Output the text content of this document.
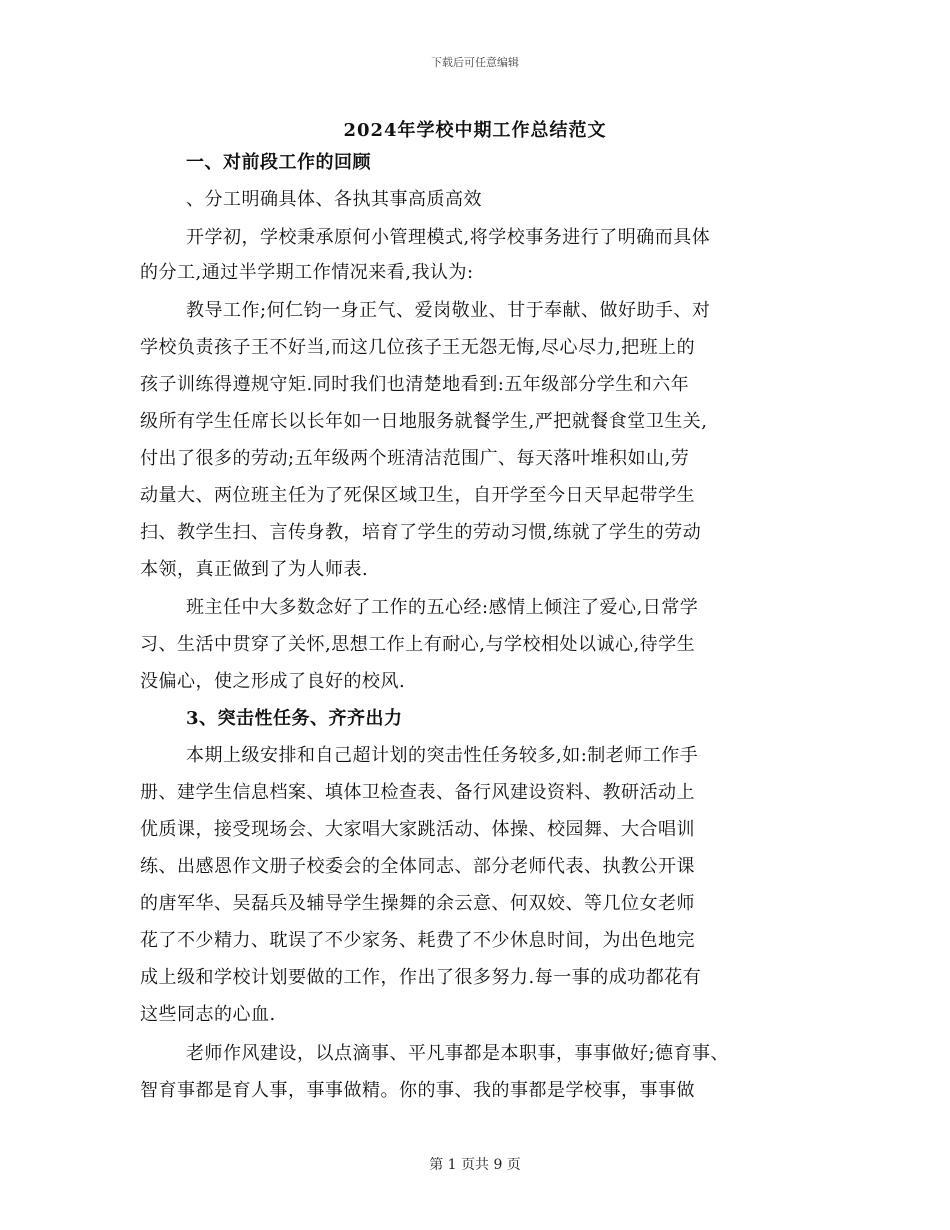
下载后可任意编辑
2024年学校中期工作总结范文
一、对前段工作的回顾
、分工明确具体、各执其事高质高效
开学初，学校秉承原何小管理模式,将学校事务进行了明确而具体
的分工,通过半学期工作情况来看,我认为:
教导工作;何仁钧一身正气、爱岗敬业、甘于奉献、做好助手、对
学校负责孩子王不好当,而这几位孩子王无怨无悔,尽心尽力,把班上的
孩子训练得遵规守矩.同时我们也清楚地看到:五年级部分学生和六年
级所有学生任席长以长年如一日地服务就餐学生,严把就餐食堂卫生关,
付出了很多的劳动;五年级两个班清洁范围广、每天落叶堆积如山,劳
动量大、两位班主任为了死保区域卫生，自开学至今日天早起带学生
扫、教学生扫、言传身教，培育了学生的劳动习惯,练就了学生的劳动
本领，真正做到了为人师表.
班主任中大多数念好了工作的五心经:感情上倾注了爱心,日常学
习、生活中贯穿了关怀,思想工作上有耐心,与学校相处以诚心,待学生
没偏心，使之形成了良好的校风.
3、突击性任务、齐齐出力
本期上级安排和自己超计划的突击性任务较多,如:制老师工作手
册、建学生信息档案、填体卫检查表、备行风建设资料、教研活动上
优质课，接受现场会、大家唱大家跳活动、体操、校园舞、大合唱训
练、出感恩作文册子校委会的全体同志、部分老师代表、执教公开课
的唐军华、吴磊兵及辅导学生操舞的余云意、何双姣、等几位女老师
花了不少精力、耽误了不少家务、耗费了不少休息时间，为出色地完
成上级和学校计划要做的工作，作出了很多努力.每一事的成功都花有
这些同志的心血.
老师作风建设，以点滴事、平凡事都是本职事，事事做好;德育事、
智育事都是育人事，事事做精。你的事、我的事都是学校事，事事做
第 1 页共 9 页
